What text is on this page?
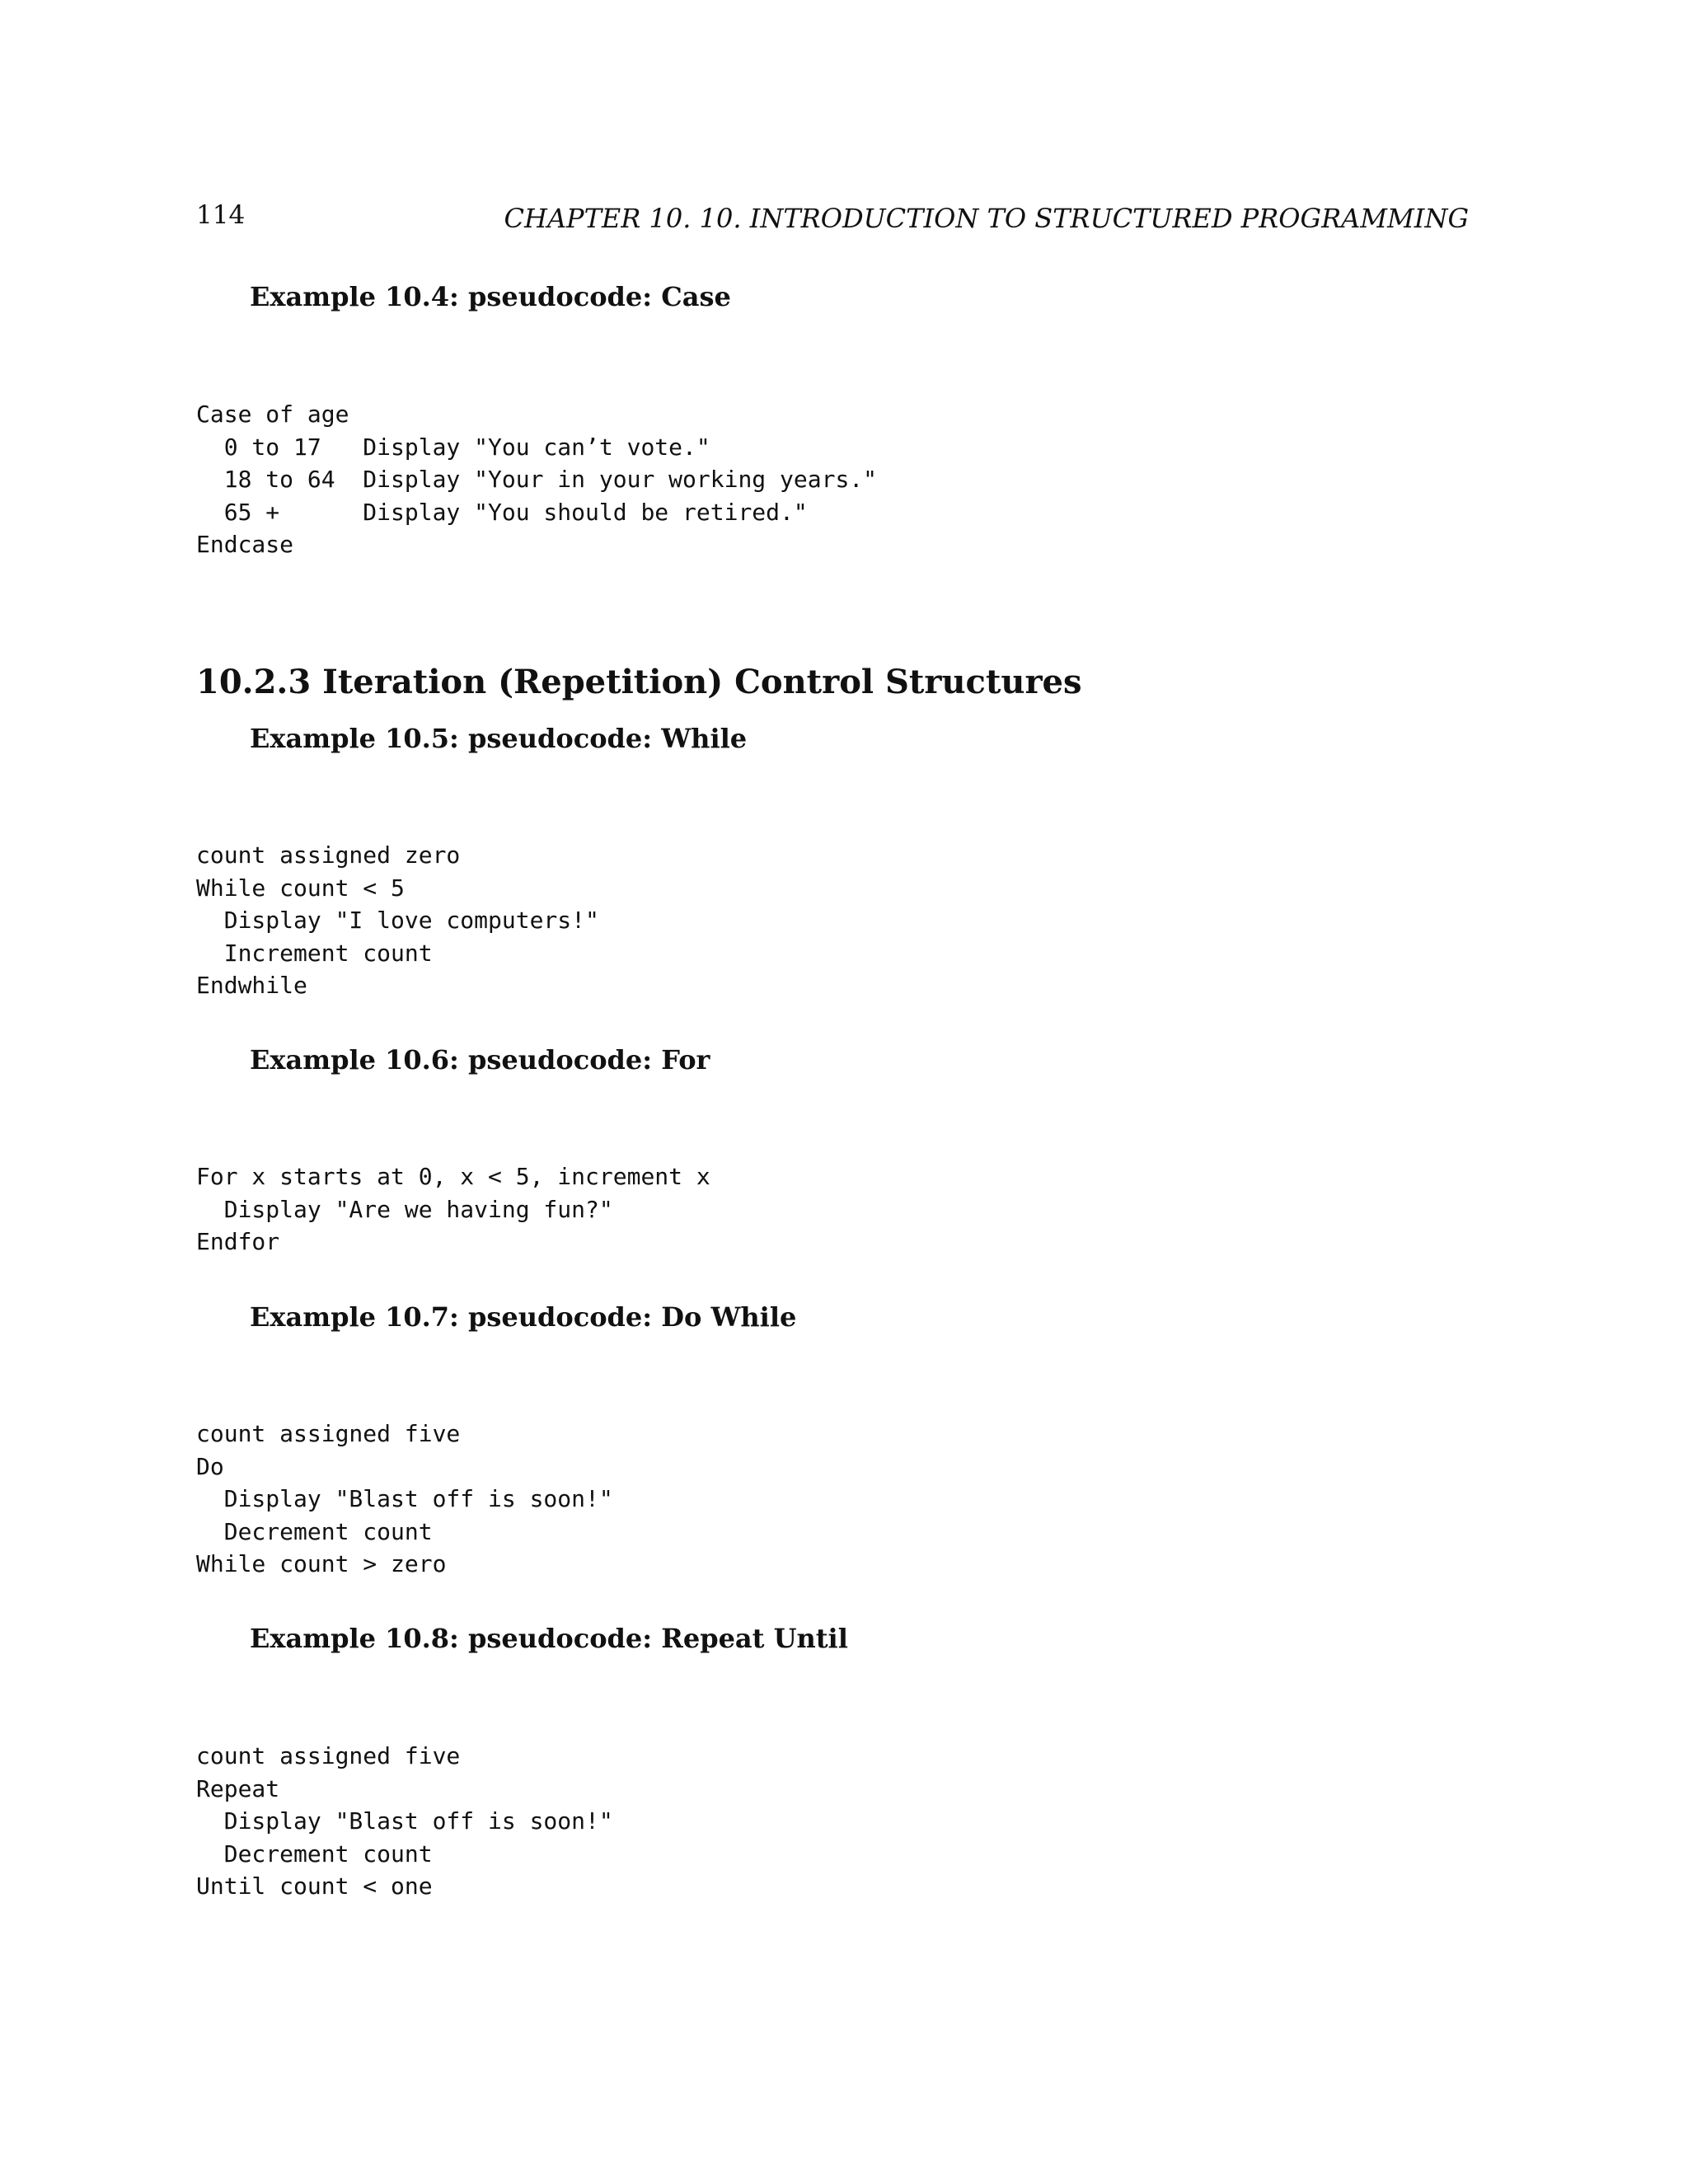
114	CHAPTER 10. 10. INTRODUCTION TO STRUCTURED PROGRAMMING
Example 10.4: pseudocode: Case
Case of age
0 to 17   Display "You can’t vote."
18 to 64  Display "Your in your working years."
65 +      Display "You should be retired."
Endcase
10.2.3 Iteration (Repetition) Control Structures
Example 10.5: pseudocode: While
count assigned zero
While count < 5
Display "I love computers!"
Increment count
Endwhile
Example 10.6: pseudocode: For
For x starts at 0, x < 5, increment x
Display "Are we having fun?"
Endfor
Example 10.7: pseudocode: Do While
count assigned five
Do
Display "Blast off is soon!"
Decrement count
While count > zero
Example 10.8: pseudocode: Repeat Until
count assigned five
Repeat
Display "Blast off is soon!"
Decrement count
Until count < one
